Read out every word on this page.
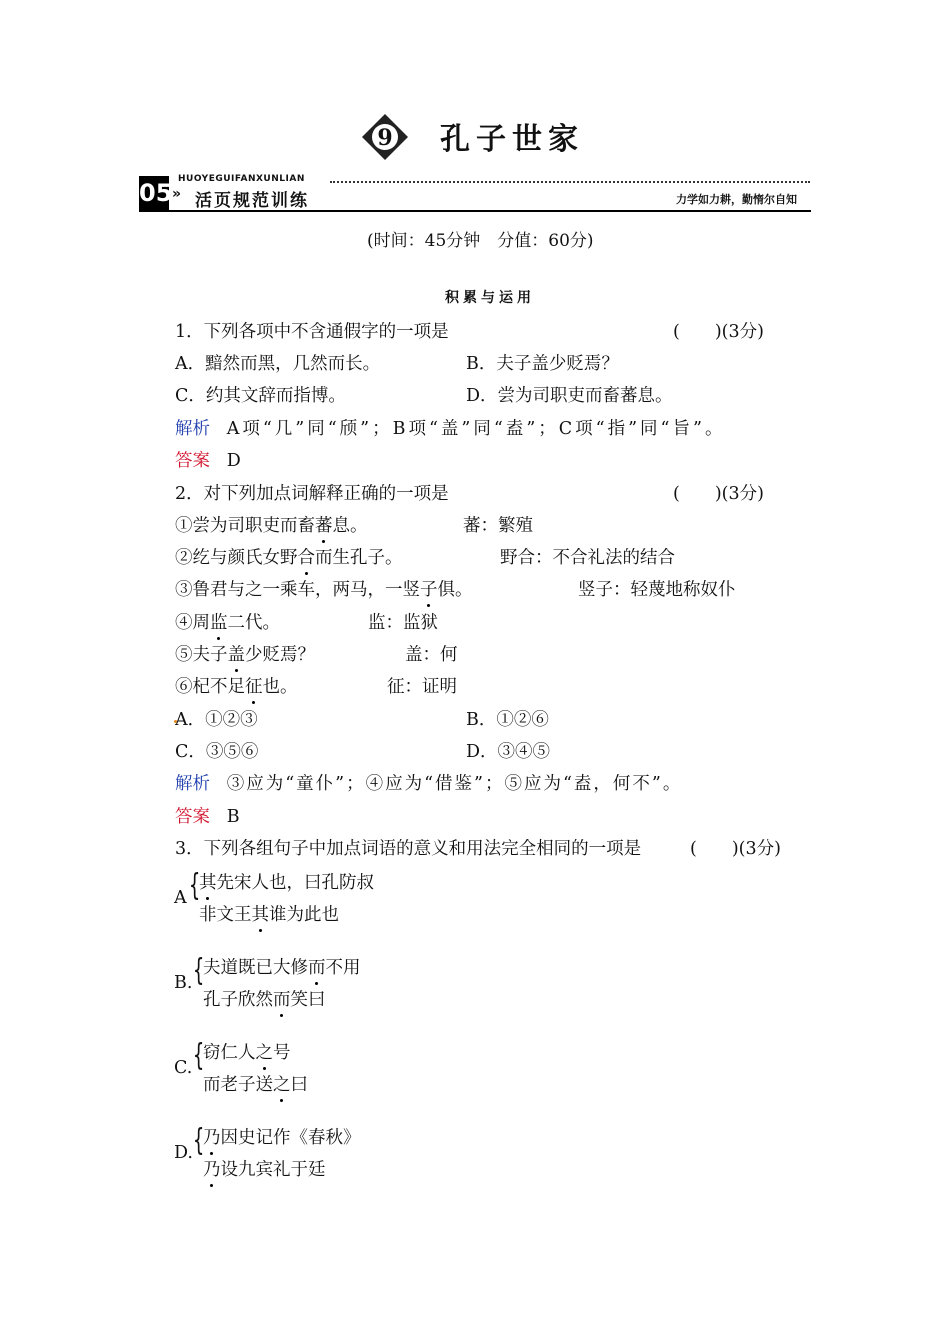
9 孔子世家
05 HUOYEGUIFANXUNLIAN
» 活页规范训练	力学如力耕，勤惰尔自知
(时间：45分钟　分值：60分)
积累与运用
1．下列各项中不含通假字的一项是	(　　)(3分)
A．黯然而黑，几然而长。	B．夫子盖少贬焉？
C．约其文辞而指博。	D．尝为司职吏而畜蕃息。
解析 A项“几”同“颀”；B项“盖”同“盍”；C项“指”同“旨”。
答案 D
2．对下列加点词解释正确的一项是	(　　)(3分)
①尝为司职吏而畜蕃息。	蕃：繁殖
②纥与颜氏女野合而生孔子。	野合：不合礼法的结合
③鲁君与之一乘车，两马，一竖子俱。	竖子：轻蔑地称奴仆
④周监二代。	监：监狱
⑤夫子盖少贬焉？	盖：何
⑥杞不足征也。	征：证明
A．①②③	B．①②⑥
C．③⑤⑥	D．③④⑤
解析 ③应为“童仆”；④应为“借鉴”；⑤应为“盍，何不”。
答案 B
3．下列各组句子中加点词语的意义和用法完全相同的一项是	(　　)(3分)
A {
其先宋人也，曰孔防叔
非文王其谁为此也
B. {
夫道既已大修而不用
孔子欣然而笑曰
C. {
窃仁人之号
而老子送之曰
D. {
乃因史记作《春秋》
乃设九宾礼于廷
